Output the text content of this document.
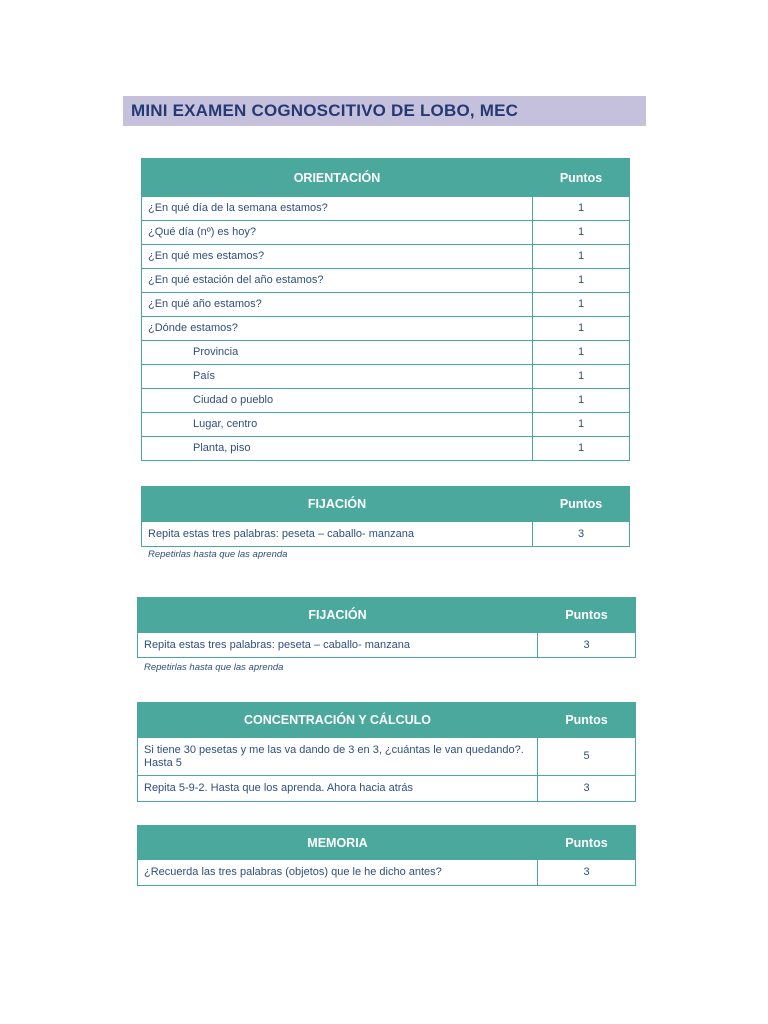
MINI EXAMEN COGNOSCITIVO DE LOBO, MEC
ORIENTACIÓN	Puntos
¿En qué día de la semana estamos?	1
¿Qué día (nº) es hoy?	1
¿En qué mes estamos?	1
¿En qué estación del año estamos?	1
¿En qué año estamos?	1
¿Dónde estamos?	1
Provincia	1
País	1
Ciudad o pueblo	1
Lugar, centro	1
Planta, piso	1
FIJACIÓN	Puntos
Repita estas tres palabras: peseta – caballo- manzana	3
Repetirlas hasta que las aprenda
FIJACIÓN	Puntos
Repita estas tres palabras: peseta – caballo- manzana	3
Repetirlas hasta que las aprenda
CONCENTRACIÓN Y CÁLCULO	Puntos
Si tiene 30 pesetas y me las va dando de 3 en 3, ¿cuántas le van quedando?. Hasta 5	5
Repita 5-9-2. Hasta que los aprenda. Ahora hacia atrás	3
MEMORIA	Puntos
¿Recuerda las tres palabras (objetos) que le he dicho antes?	3
